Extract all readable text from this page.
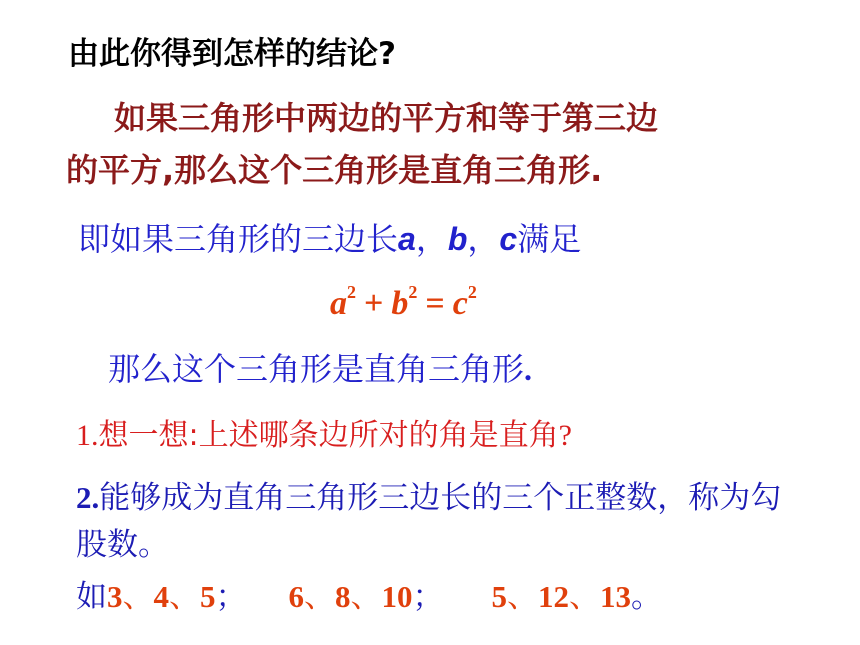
由此你得到怎样的结论?
如果三角形中两边的平方和等于第三边
的平方,那么这个三角形是直角三角形.
即如果三角形的三边长a，b，c满足
$a^2 + b^2 = c^2$
那么这个三角形是直角三角形.
1.想一想:上述哪条边所对的角是直角?
2.能够成为直角三角形三边长的三个正整数，称为勾股数。
如3、4、5； 6、8、10； 5、12、13。
